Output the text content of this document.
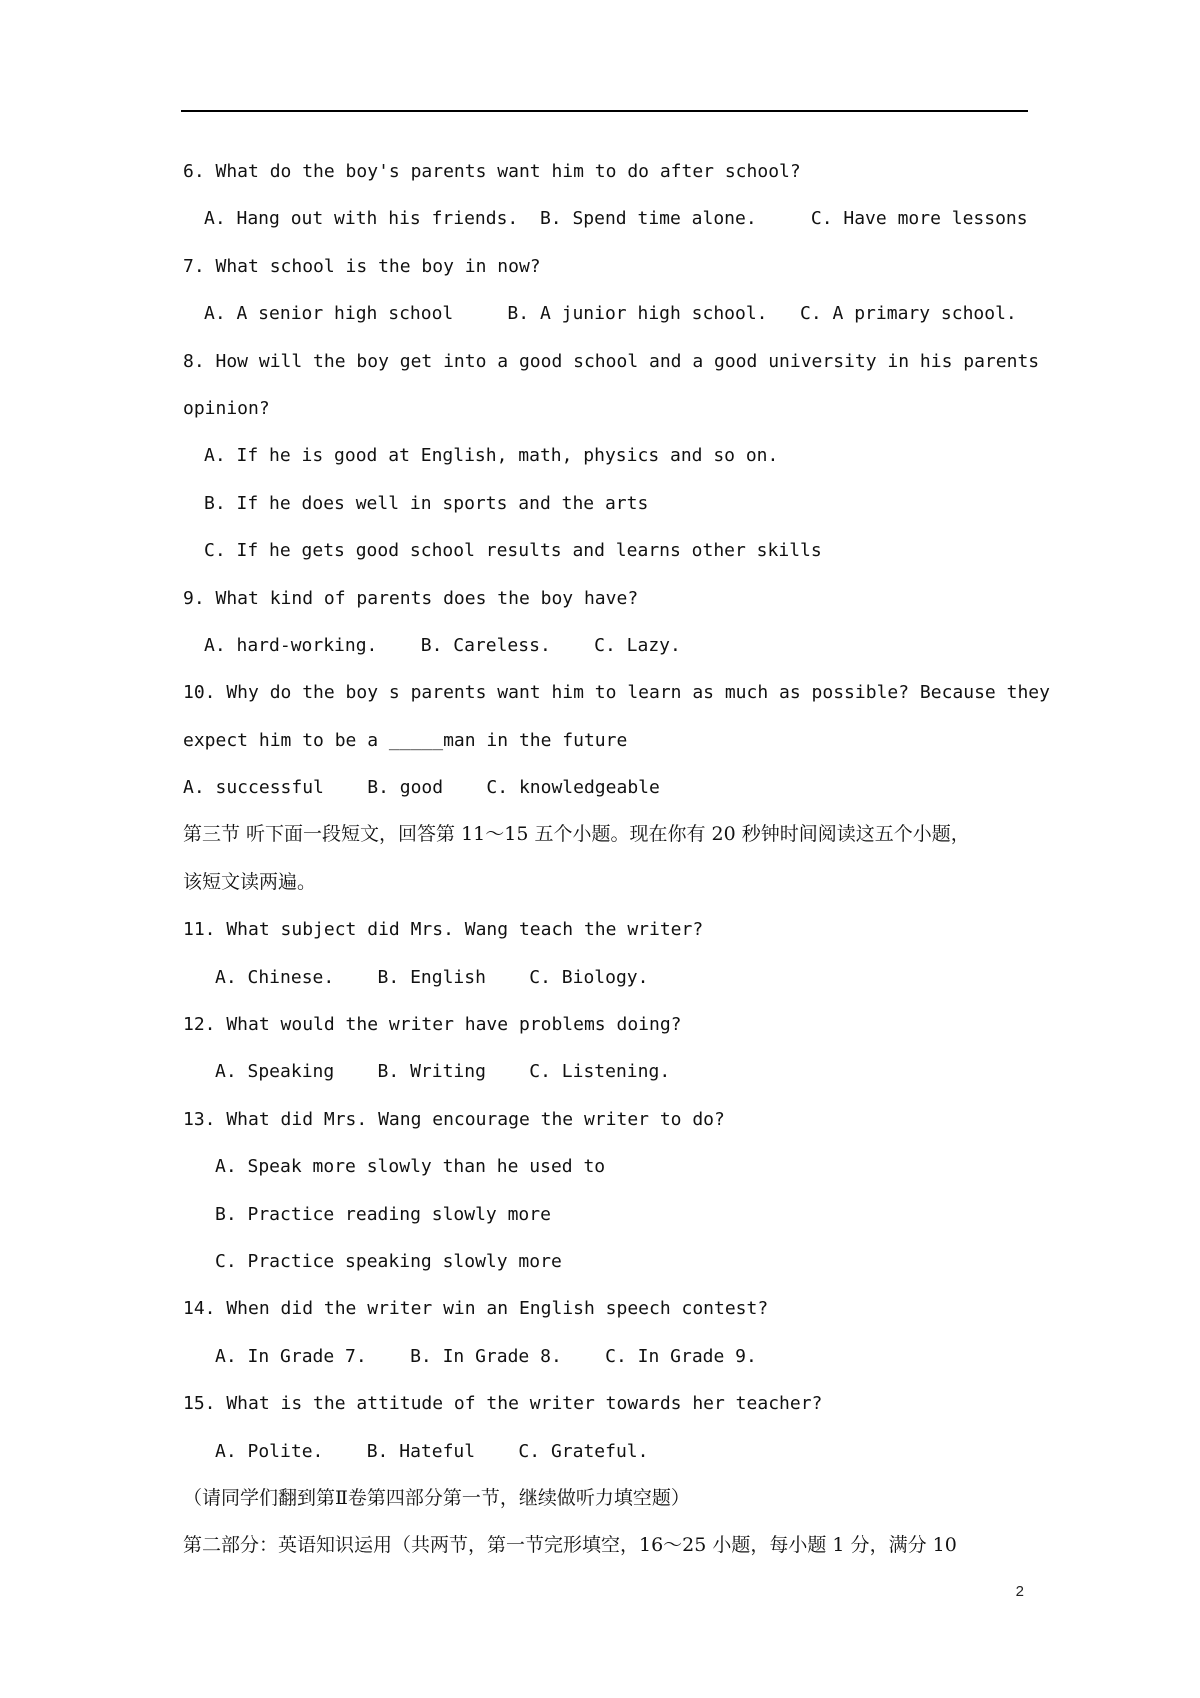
6. What do the boy's parents want him to do after school?
A. Hang out with his friends.  B. Spend time alone.     C. Have more lessons
7. What school is the boy in now?
A. A senior high school     B. A junior high school.   C. A primary school.
8. How will the boy get into a good school and a good university in his parents
opinion?
A. If he is good at English, math, physics and so on.
B. If he does well in sports and the arts
C. If he gets good school results and learns other skills
9. What kind of parents does the boy have?
A. hard-working.    B. Careless.    C. Lazy.
10. Why do the boy s parents want him to learn as much as possible? Because they
expect him to be a _____man in the future
A. successful    B. good    C. knowledgeable
第三节 听下面一段短文，回答第 11～15 五个小题。现在你有 20 秒钟时间阅读这五个小题，
该短文读两遍。
11. What subject did Mrs. Wang teach the writer?
A. Chinese.    B. English    C. Biology.
12. What would the writer have problems doing?
A. Speaking    B. Writing    C. Listening.
13. What did Mrs. Wang encourage the writer to do?
A. Speak more slowly than he used to
B. Practice reading slowly more
C. Practice speaking slowly more
14. When did the writer win an English speech contest?
A. In Grade 7.    B. In Grade 8.    C. In Grade 9.
15. What is the attitude of the writer towards her teacher?
A. Polite.    B. Hateful    C. Grateful.
（请同学们翻到第Ⅱ卷第四部分第一节，继续做听力填空题）
第二部分：英语知识运用（共两节，第一节完形填空，16～25 小题，每小题 1 分，满分 10
2
